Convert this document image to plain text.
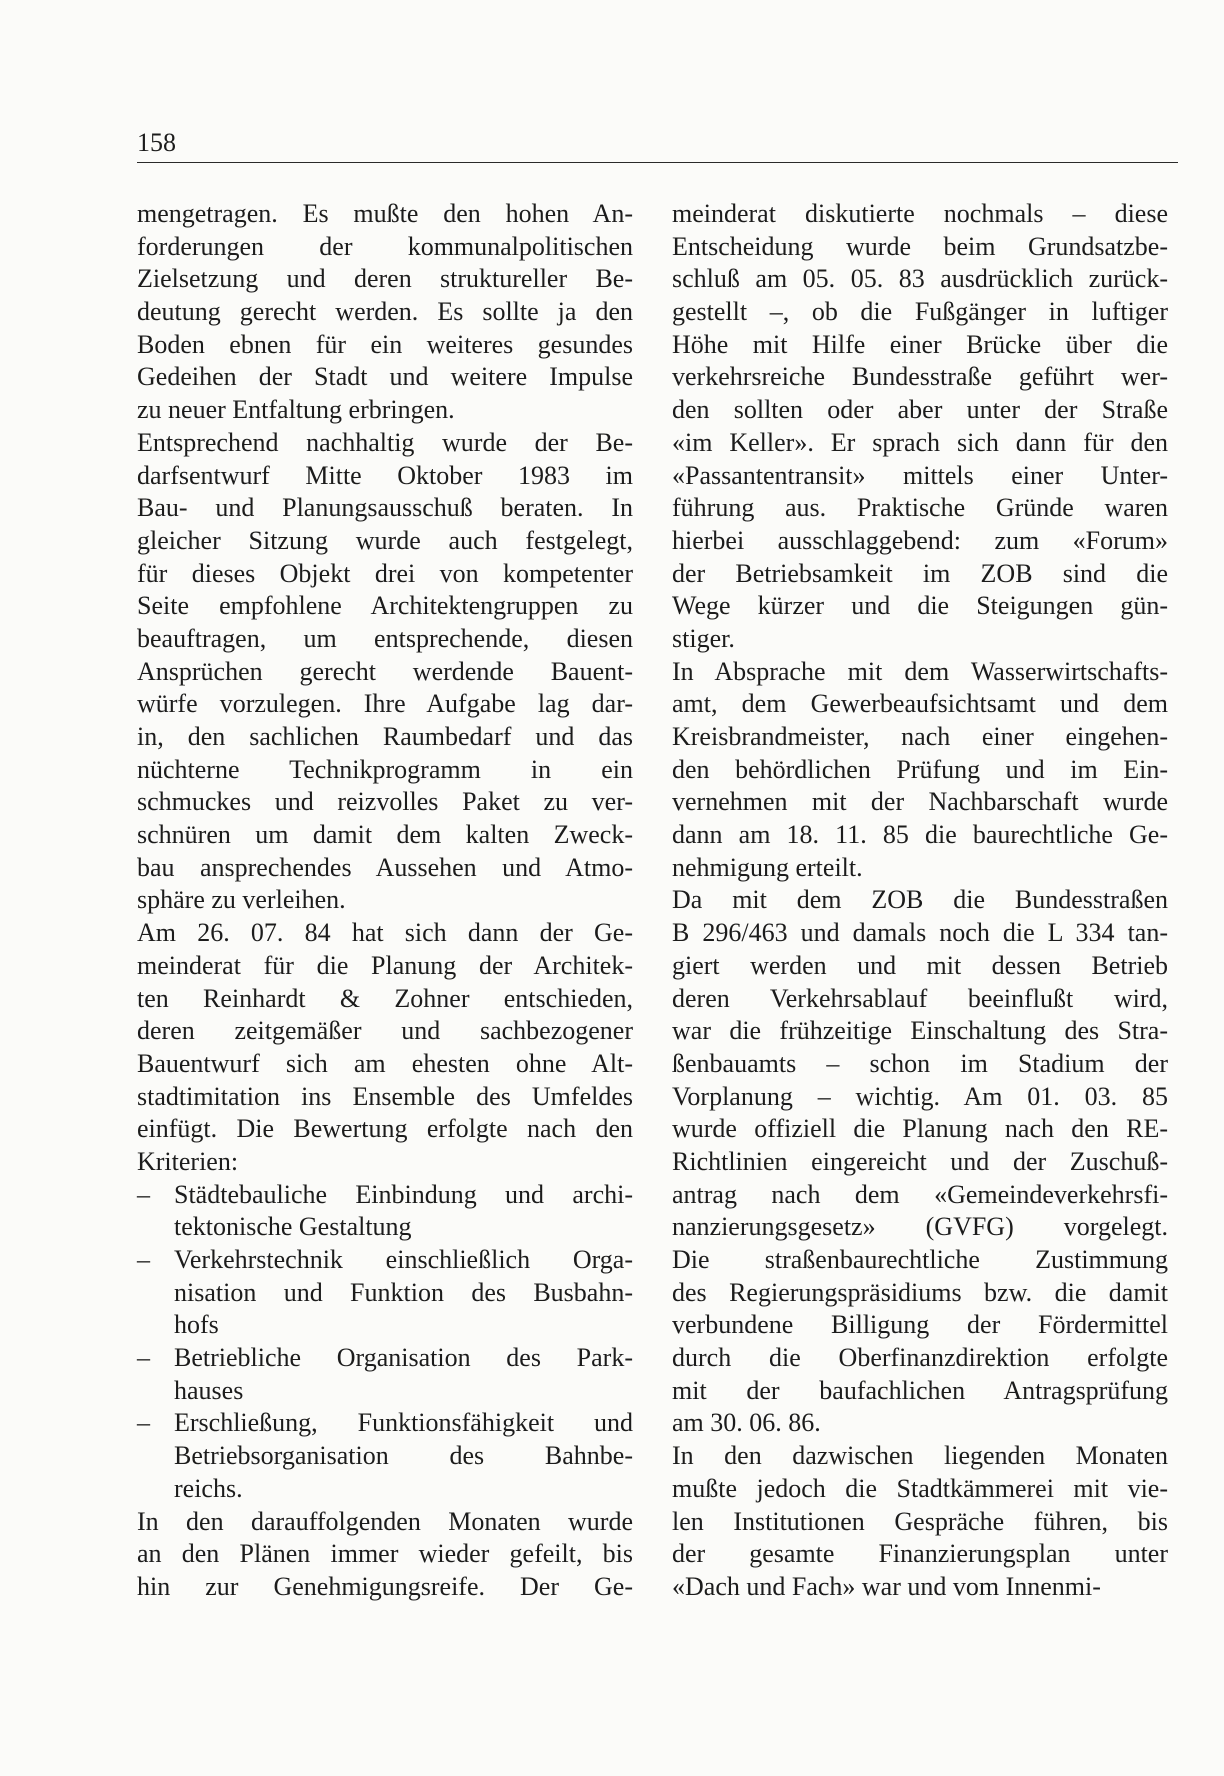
158
mengetragen. Es mußte den hohen An-
forderungen der kommunalpolitischen
Zielsetzung und deren struktureller Be-
deutung gerecht werden. Es sollte ja den
Boden ebnen für ein weiteres gesundes
Gedeihen der Stadt und weitere Impulse
zu neuer Entfaltung erbringen.
Entsprechend nachhaltig wurde der Be-
darfsentwurf Mitte Oktober 1983 im
Bau- und Planungsausschuß beraten. In
gleicher Sitzung wurde auch festgelegt,
für dieses Objekt drei von kompetenter
Seite empfohlene Architektengruppen zu
beauftragen, um entsprechende, diesen
Ansprüchen gerecht werdende Bauent-
würfe vorzulegen. Ihre Aufgabe lag dar-
in, den sachlichen Raumbedarf und das
nüchterne Technikprogramm in ein
schmuckes und reizvolles Paket zu ver-
schnüren um damit dem kalten Zweck-
bau ansprechendes Aussehen und Atmo-
sphäre zu verleihen.
Am 26. 07. 84 hat sich dann der Ge-
meinderat für die Planung der Architek-
ten Reinhardt & Zohner entschieden,
deren zeitgemäßer und sachbezogener
Bauentwurf sich am ehesten ohne Alt-
stadtimitation ins Ensemble des Umfeldes
einfügt. Die Bewertung erfolgte nach den
Kriterien:
– Städtebauliche Einbindung und archi-
tektonische Gestaltung
– Verkehrstechnik einschließlich Orga-
nisation und Funktion des Busbahn-
hofs
– Betriebliche Organisation des Park-
hauses
– Erschließung, Funktionsfähigkeit und
Betriebsorganisation des Bahnbe-
reichs.
In den darauffolgenden Monaten wurde
an den Plänen immer wieder gefeilt, bis
hin zur Genehmigungsreife. Der Ge-
meinderat diskutierte nochmals – diese
Entscheidung wurde beim Grundsatzbe-
schluß am 05. 05. 83 ausdrücklich zurück-
gestellt –, ob die Fußgänger in luftiger
Höhe mit Hilfe einer Brücke über die
verkehrsreiche Bundesstraße geführt wer-
den sollten oder aber unter der Straße
«im Keller». Er sprach sich dann für den
«Passantentransit» mittels einer Unter-
führung aus. Praktische Gründe waren
hierbei ausschlaggebend: zum «Forum»
der Betriebsamkeit im ZOB sind die
Wege kürzer und die Steigungen gün-
stiger.
In Absprache mit dem Wasserwirtschafts-
amt, dem Gewerbeaufsichtsamt und dem
Kreisbrandmeister, nach einer eingehen-
den behördlichen Prüfung und im Ein-
vernehmen mit der Nachbarschaft wurde
dann am 18. 11. 85 die baurechtliche Ge-
nehmigung erteilt.
Da mit dem ZOB die Bundesstraßen
B 296/463 und damals noch die L 334 tan-
giert werden und mit dessen Betrieb
deren Verkehrsablauf beeinflußt wird,
war die frühzeitige Einschaltung des Stra-
ßenbauamts – schon im Stadium der
Vorplanung – wichtig. Am 01. 03. 85
wurde offiziell die Planung nach den RE-
Richtlinien eingereicht und der Zuschuß-
antrag nach dem «Gemeindeverkehrsfi-
nanzierungsgesetz» (GVFG) vorgelegt.
Die straßenbaurechtliche Zustimmung
des Regierungspräsidiums bzw. die damit
verbundene Billigung der Fördermittel
durch die Oberfinanzdirektion erfolgte
mit der baufachlichen Antragsprüfung
am 30. 06. 86.
In den dazwischen liegenden Monaten
mußte jedoch die Stadtkämmerei mit vie-
len Institutionen Gespräche führen, bis
der gesamte Finanzierungsplan unter
«Dach und Fach» war und vom Innenmi-
